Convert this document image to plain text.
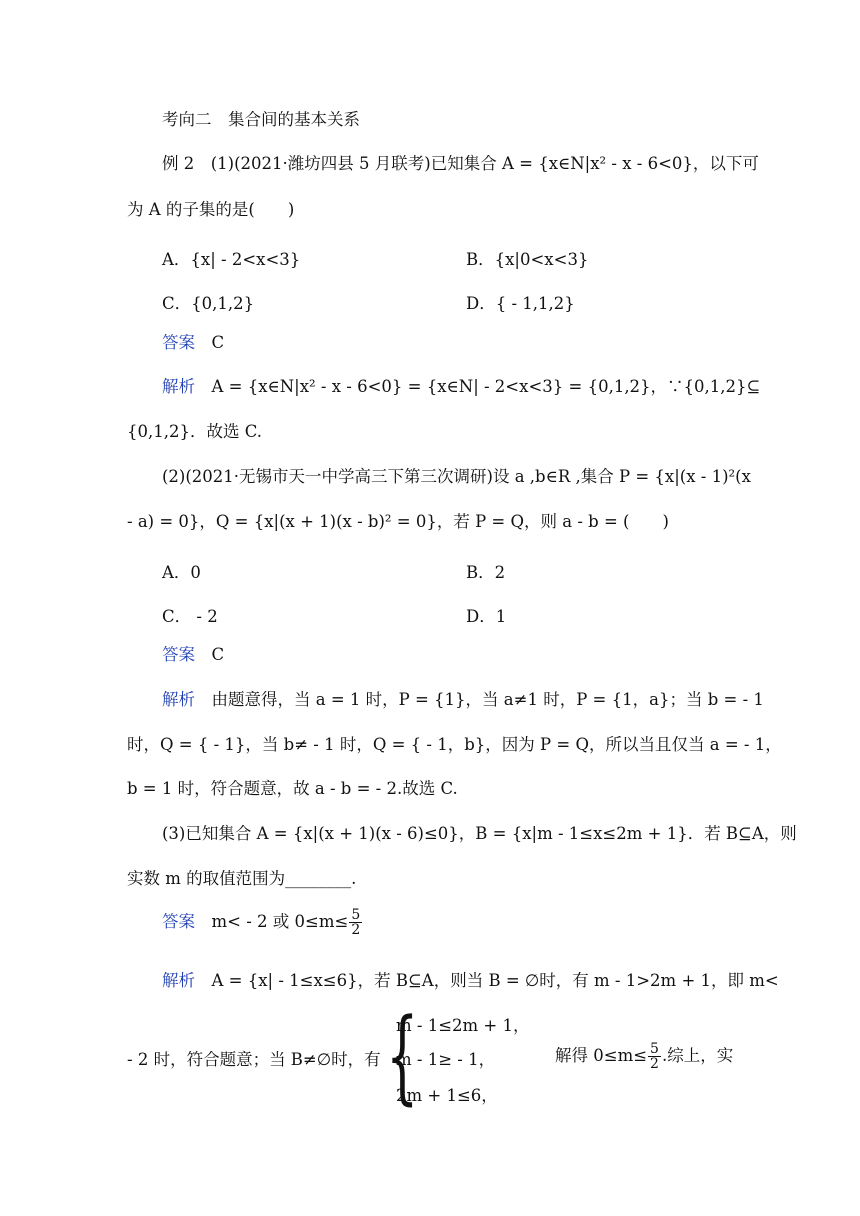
考向二　集合间的基本关系
例 2　 (1)(2021·潍坊四县 5 月联考)已知集合 A = {x∈N|x² - x - 6<0}，以下可
为 A 的子集的是(　　)
A．{x| - 2<x<3}	B．{x|0<x<3}
C．{0,1,2}	D．{ - 1,1,2}
答案　 C
解析　 A = {x∈N|x² - x - 6<0} = {x∈N| - 2<x<3} = {0,1,2}，∵{0,1,2}⊆
{0,1,2}．故选 C.
(2)(2021·无锡市天一中学高三下第三次调研)设 a ,b∈R ,集合 P = {x|(x - 1)²(x
- a) = 0}，Q = {x|(x + 1)(x - b)² = 0}，若 P = Q，则 a - b = (　　)
A．0	B．2
C． - 2	D．1
答案　 C
解析　 由题意得，当 a = 1 时，P = {1}，当 a≠1 时，P = {1，a}；当 b = - 1
时，Q = { - 1}，当 b≠ - 1 时，Q = { - 1，b}，因为 P = Q，所以当且仅当 a = - 1，
b = 1 时，符合题意，故 a - b = - 2.故选 C.
(3)已知集合 A = {x|(x + 1)(x - 6)≤0}，B = {x|m - 1≤x≤2m + 1}．若 B⊆A，则
实数 m 的取值范围为________.
答案　 m< - 2 或 $0\le m\le \frac{5}{2}$
解析　 A = {x| - 1≤x≤6}，若 B⊆A，则当 B = ∅时，有 m - 1>2m + 1，即 m<
- 2 时，符合题意；当 B≠∅时，有 {
m - 1≤2m + 1，
m - 1≥ - 1，
2m + 1≤6，
解得 $0\le m\le \frac{5}{2}$ .综上，实
